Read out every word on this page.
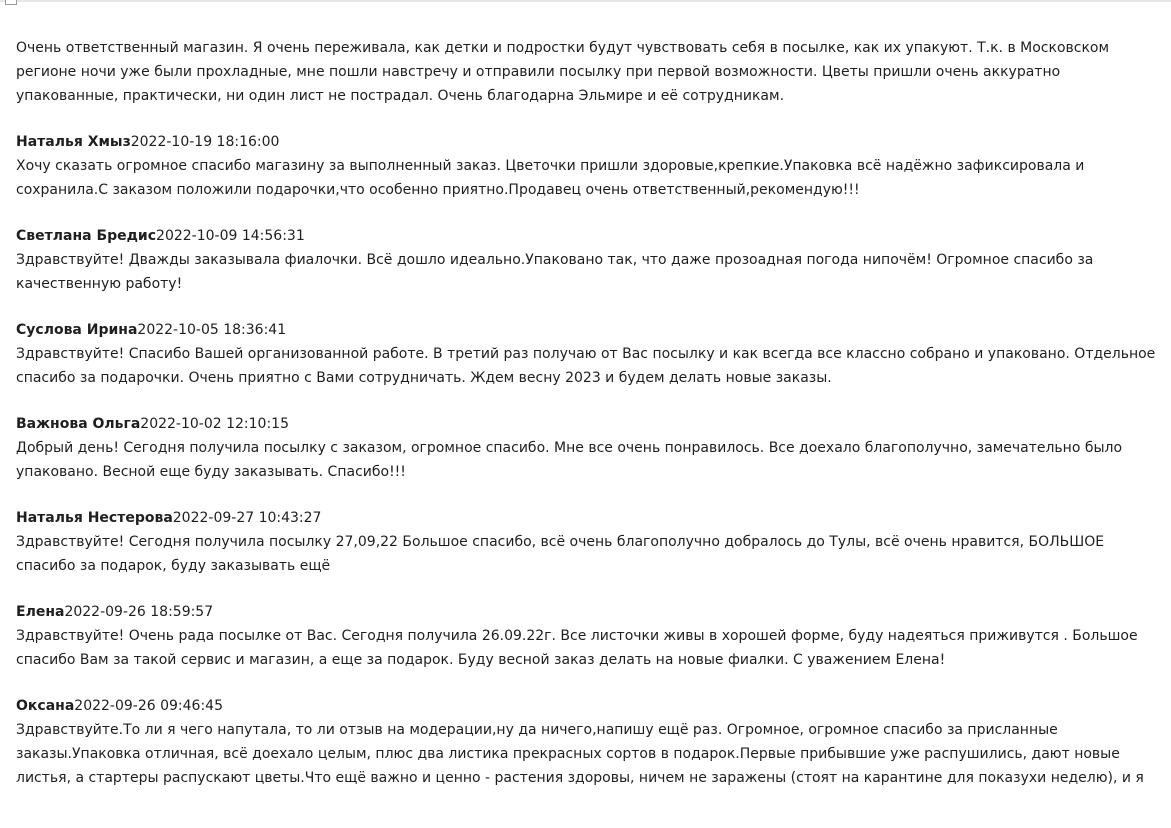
Очень ответственный магазин. Я очень переживала, как детки и подростки будут чувствовать себя в посылке, как их упакуют. Т.к. в Московском регионе ночи уже были прохладные, мне пошли навстречу и отправили посылку при первой возможности. Цветы пришли очень аккуратно упакованные, практически, ни один лист не пострадал. Очень благодарна Эльмире и её сотрудникам.

Наталья Хмыз2022-10-19 18:16:00

Хочу сказать огромное спасибо магазину за выполненный заказ. Цветочки пришли здоровые,крепкие.Упаковка всё надёжно зафиксировала и сохранила.С заказом положили подарочки,что особенно приятно.Продавец очень ответственный,рекомендую!!!

Светлана Бредис2022-10-09 14:56:31

Здравствуйте! Дважды заказывала фиалочки. Всё дошло идеально.Упаковано так, что даже прозоадная погода нипочём! Огромное спасибо за качественную работу!

Суслова Ирина2022-10-05 18:36:41

Здравствуйте! Спасибо Вашей организованной работе. В третий раз получаю от Вас посылку и как всегда все классно собрано и упаковано. Отдельное спасибо за подарочки. Очень приятно с Вами сотрудничать. Ждем весну 2023 и будем делать новые заказы.

Важнова Ольга2022-10-02 12:10:15

Добрый день! Сегодня получила посылку с заказом, огромное спасибо. Мне все очень понравилось. Все доехало благополучно, замечательно было упаковано. Весной еще буду заказывать. Спасибо!!!

Наталья Нестерова2022-09-27 10:43:27

Здравствуйте! Сегодня получила посылку 27,09,22 Большое спасибо, всё очень благополучно добралось до Тулы, всё очень нравится, БОЛЬШОЕ спасибо за подарок, буду заказывать ещё

Елена2022-09-26 18:59:57

Здравствуйте! Очень рада посылке от Вас. Сегодня получила 26.09.22г. Все листочки живы в хорошей форме, буду надеяться приживутся . Большое спасибо Вам за такой сервис и магазин, а еще за подарок. Буду весной заказ делать на новые фиалки. С уважением Елена!

Оксана2022-09-26 09:46:45

Здравствуйте.То ли я чего напутала, то ли отзыв на модерации,ну да ничего,напишу ещё раз. Огромное, огромное спасибо за присланные заказы.Упаковка отличная, всё доехало целым, плюс два листика прекрасных сортов в подарок.Первые прибывшие уже распушились, дают новые листья, а стартеры распускают цветы.Что ещё важно и ценно - растения здоровы, ничем не заражены (стоят на карантине для показухи неделю), и я
